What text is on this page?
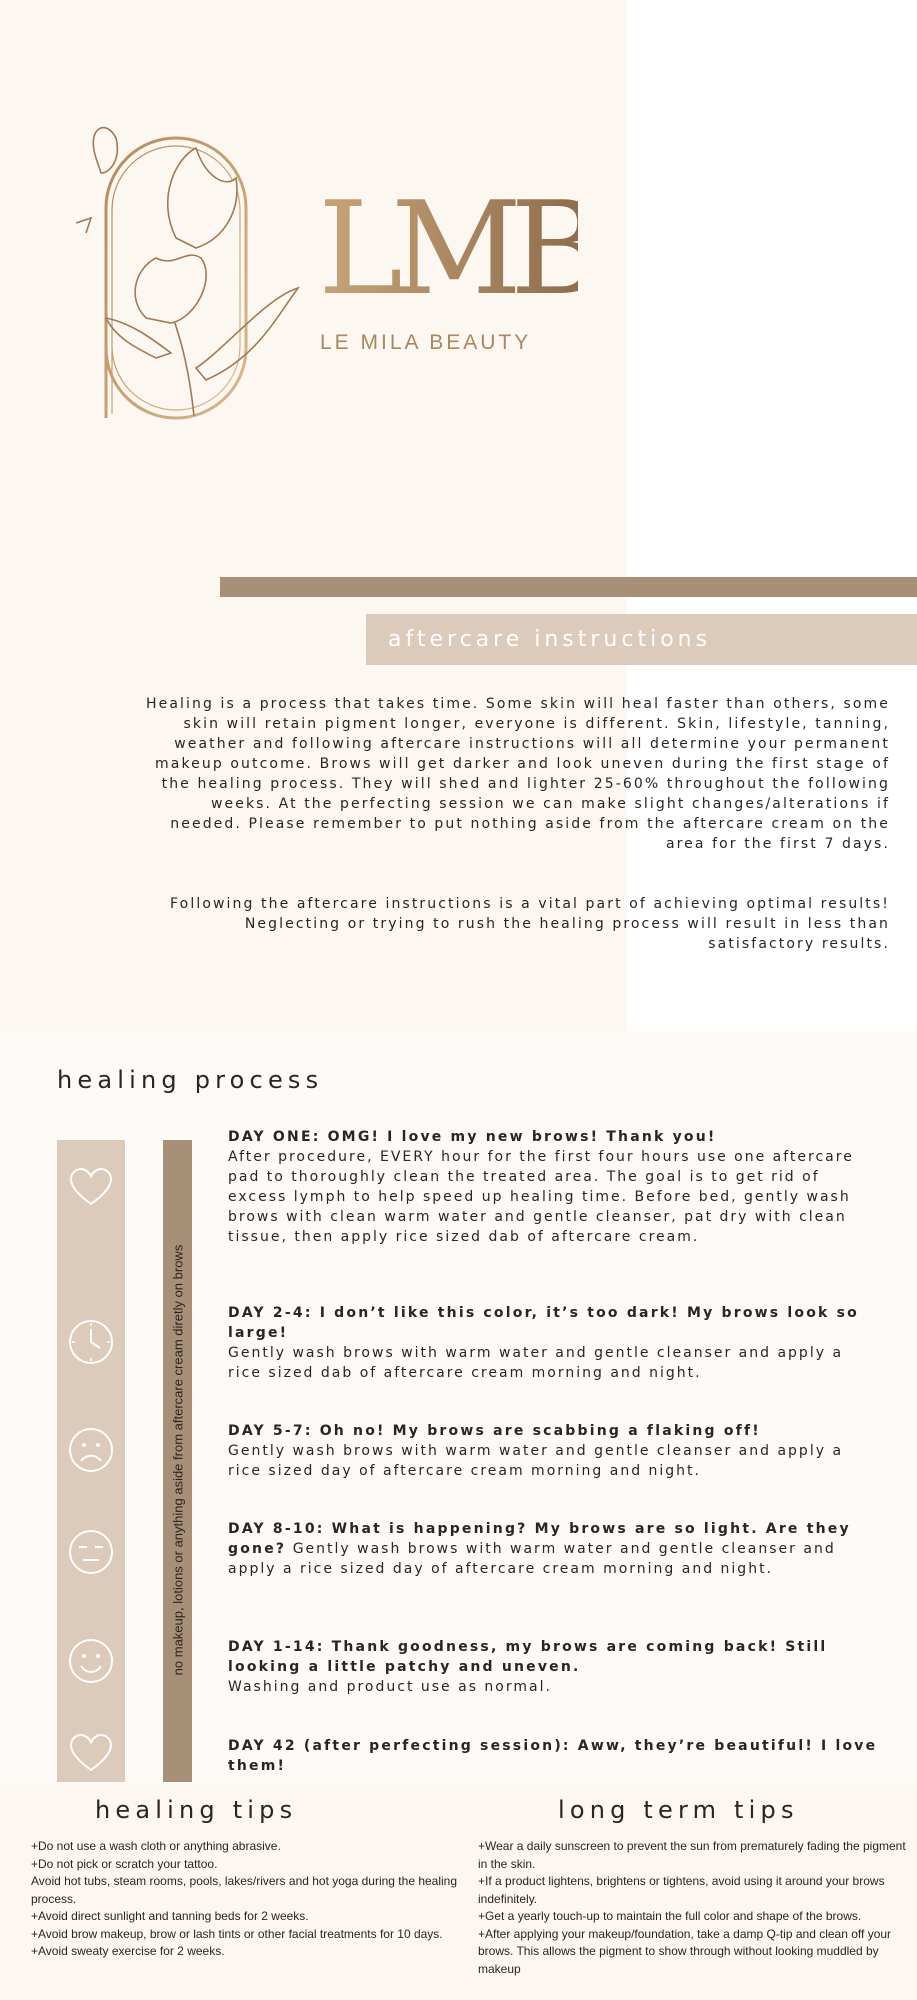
LMB
LE MILA BEAUTY
aftercare instructions

Healing is a process that takes time. Some skin will heal faster than others, some skin will retain pigment longer, everyone is different. Skin, lifestyle, tanning, weather and following aftercare instructions will all determine your permanent makeup outcome. Brows will get darker and look uneven during the first stage of the healing process. They will shed and lighter 25-60% throughout the following weeks. At the perfecting session we can make slight changes/alterations if needed. Please remember to put nothing aside from the aftercare cream on the area for the first 7 days.

Following the aftercare instructions is a vital part of achieving optimal results! Neglecting or trying to rush the healing process will result in less than satisfactory results.

healing process
no makeup, lotions or anything aside from aftercare cream diretly on brows

DAY ONE: OMG! I love my new brows! Thank you!
After procedure, EVERY hour for the first four hours use one aftercare pad to thoroughly clean the treated area. The goal is to get rid of excess lymph to help speed up healing time. Before bed, gently wash brows with clean warm water and gentle cleanser, pat dry with clean tissue, then apply rice sized dab of aftercare cream.

DAY 2-4: I don’t like this color, it’s too dark! My brows look so large!
Gently wash brows with warm water and gentle cleanser and apply a rice sized dab of aftercare cream morning and night.

DAY 5-7: Oh no! My brows are scabbing a flaking off!
Gently wash brows with warm water and gentle cleanser and apply a rice sized day of aftercare cream morning and night.

DAY 8-10: What is happening? My brows are so light. Are they gone? Gently wash brows with warm water and gentle cleanser and apply a rice sized day of aftercare cream morning and night.

DAY 1-14: Thank goodness, my brows are coming back! Still looking a little patchy and uneven.
Washing and product use as normal.

DAY 42 (after perfecting session): Aww, they’re beautiful! I love them!

healing tips
+Do not use a wash cloth or anything abrasive.
+Do not pick or scratch your tattoo.
Avoid hot tubs, steam rooms, pools, lakes/rivers and hot yoga during the healing process.
+Avoid direct sunlight and tanning beds for 2 weeks.
+Avoid brow makeup, brow or lash tints or other facial treatments for 10 days.
+Avoid sweaty exercise for 2 weeks.
long term tips
+Wear a daily sunscreen to prevent the sun from prematurely fading the pigment in the skin.
+If a product lightens, brightens or tightens, avoid using it around your brows indefinitely.
+Get a yearly touch-up to maintain the full color and shape of the brows.
+After applying your makeup/foundation, take a damp Q-tip and clean off your brows. This allows the pigment to show through without looking muddled by makeup
